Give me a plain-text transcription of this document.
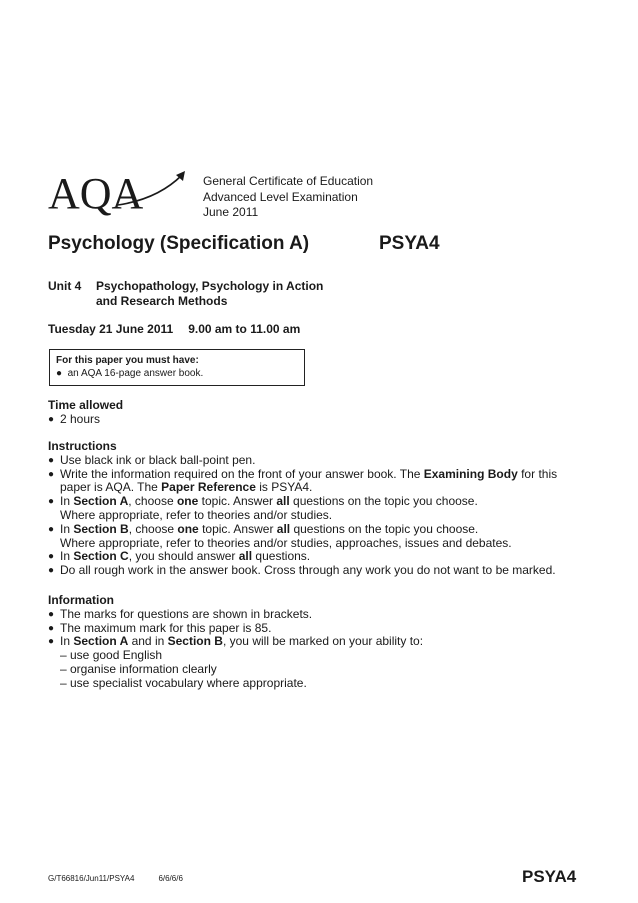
AQA	General Certificate of Education
Advanced Level Examination
June 2011
Psychology (Specification A)	PSYA4
Unit 4 Psychopathology, Psychology in Action
and Research Methods
Tuesday 21 June 2011 9.00 am to 11.00 am
For this paper you must have:
● an AQA 16-page answer book.
Time allowed
● 2 hours
Instructions
● Use black ink or black ball-point pen.
● Write the information required on the front of your answer book. The Examining Body for this
paper is AQA. The Paper Reference is PSYA4.
● In Section A, choose one topic. Answer all questions on the topic you choose.
Where appropriate, refer to theories and/or studies.
● In Section B, choose one topic. Answer all questions on the topic you choose.
Where appropriate, refer to theories and/or studies, approaches, issues and debates.
● In Section C, you should answer all questions.
● Do all rough work in the answer book. Cross through any work you do not want to be marked.
Information
● The marks for questions are shown in brackets.
● The maximum mark for this paper is 85.
● In Section A and in Section B, you will be marked on your ability to:
– use good English
– organise information clearly
– use specialist vocabulary where appropriate.
G/T66816/Jun11/PSYA4	6/6/6/6	PSYA4
